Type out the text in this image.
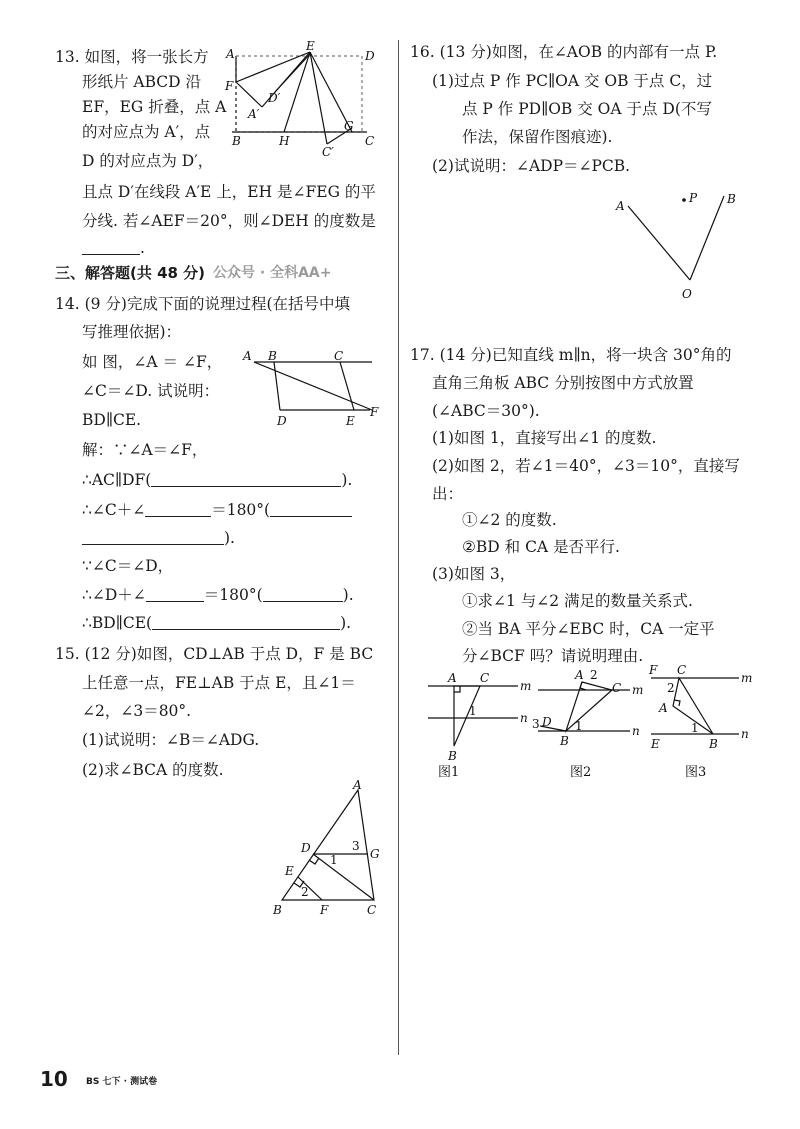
13. 如图，将一张长方
形纸片 ABCD 沿
EF，EG 折叠，点 A
的对应点为 A′，点
D 的对应点为 D′，
且点 D′在线段 A′E 上，EH 是∠FEG 的平
分线. 若∠AEF＝20°，则∠DEH 的度数是
.
A
E
D
F
D′
A′
B	H
G
C
C′
三、解答题(共 48 分) 公众号 · 全科AA+
14. (9 分)完成下面的说理过程(在括号中填
写推理依据)：
如 图，∠A ＝ ∠F，
∠C＝∠D. 试说明：
BD∥CE.
A B	C
D	E
F
解：∵∠A＝∠F，
∴AC∥DF(	).
∴∠C＋∠	＝180°(
).
∵∠C＝∠D，
∴∠D＋∠	＝180°(	).
∴BD∥CE(	).
15. (12 分)如图，CD⊥AB 于点 D，F 是 BC
上任意一点，FE⊥AB 于点 E，且∠1＝
∠2，∠3＝80°.
(1)试说明：∠B＝∠ADG.
(2)求∠BCA 的度数.
A
D
E
G
B	F	C
1
2
3
16. (13 分)如图，在∠AOB 的内部有一点 P.
(1)过点 P 作 PC∥OA 交 OB 于点 C，过
点 P 作 PD∥OB 交 OA 于点 D(不写
作法，保留作图痕迹).
(2)试说明：∠ADP＝∠PCB.
A
P B
O
17. (14 分)已知直线 m∥n，将一块含 30°角的
直角三角板 ABC 分别按图中方式放置
(∠ABC＝30°).
(1)如图 1，直接写出∠1 的度数.
(2)如图 2，若∠1＝40°，∠3＝10°，直接写
出：
①∠2 的度数.
②BD 和 CA 是否平行.
(3)如图 3，
①求∠1 与∠2 满足的数量关系式.
②当 BA 平分∠EBC 时，CA 一定平
分∠BCF 吗？请说明理由.
A C
m
n
B
1
图1
A
C m
D
B
n
1
2
3
图2
F C
m
A
E	B
n
1
2
图3
10 BS 七下 · 测试卷
